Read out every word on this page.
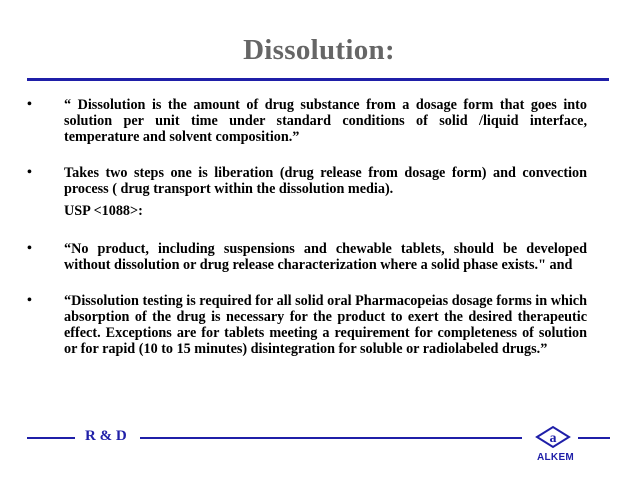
Dissolution:

• “ Dissolution is the amount of drug substance from a dosage form that goes into solution per unit time under standard conditions of solid /liquid interface, temperature and solvent composition.”

• Takes two steps one is liberation (drug release from dosage form) and convection process ( drug transport within the dissolution media).

USP <1088>:

• “No product, including suspensions and chewable tablets, should be developed without dissolution or drug release characterization where a solid phase exists." and

• “Dissolution testing is required for all solid oral Pharmacopeias dosage forms in which absorption of the drug is necessary for the product to exert the desired therapeutic effect. Exceptions are for tablets meeting a requirement for completeness of solution or for rapid (10 to 15 minutes) disintegration for soluble or radiolabeled drugs.”

R & D	a
ALKEM
